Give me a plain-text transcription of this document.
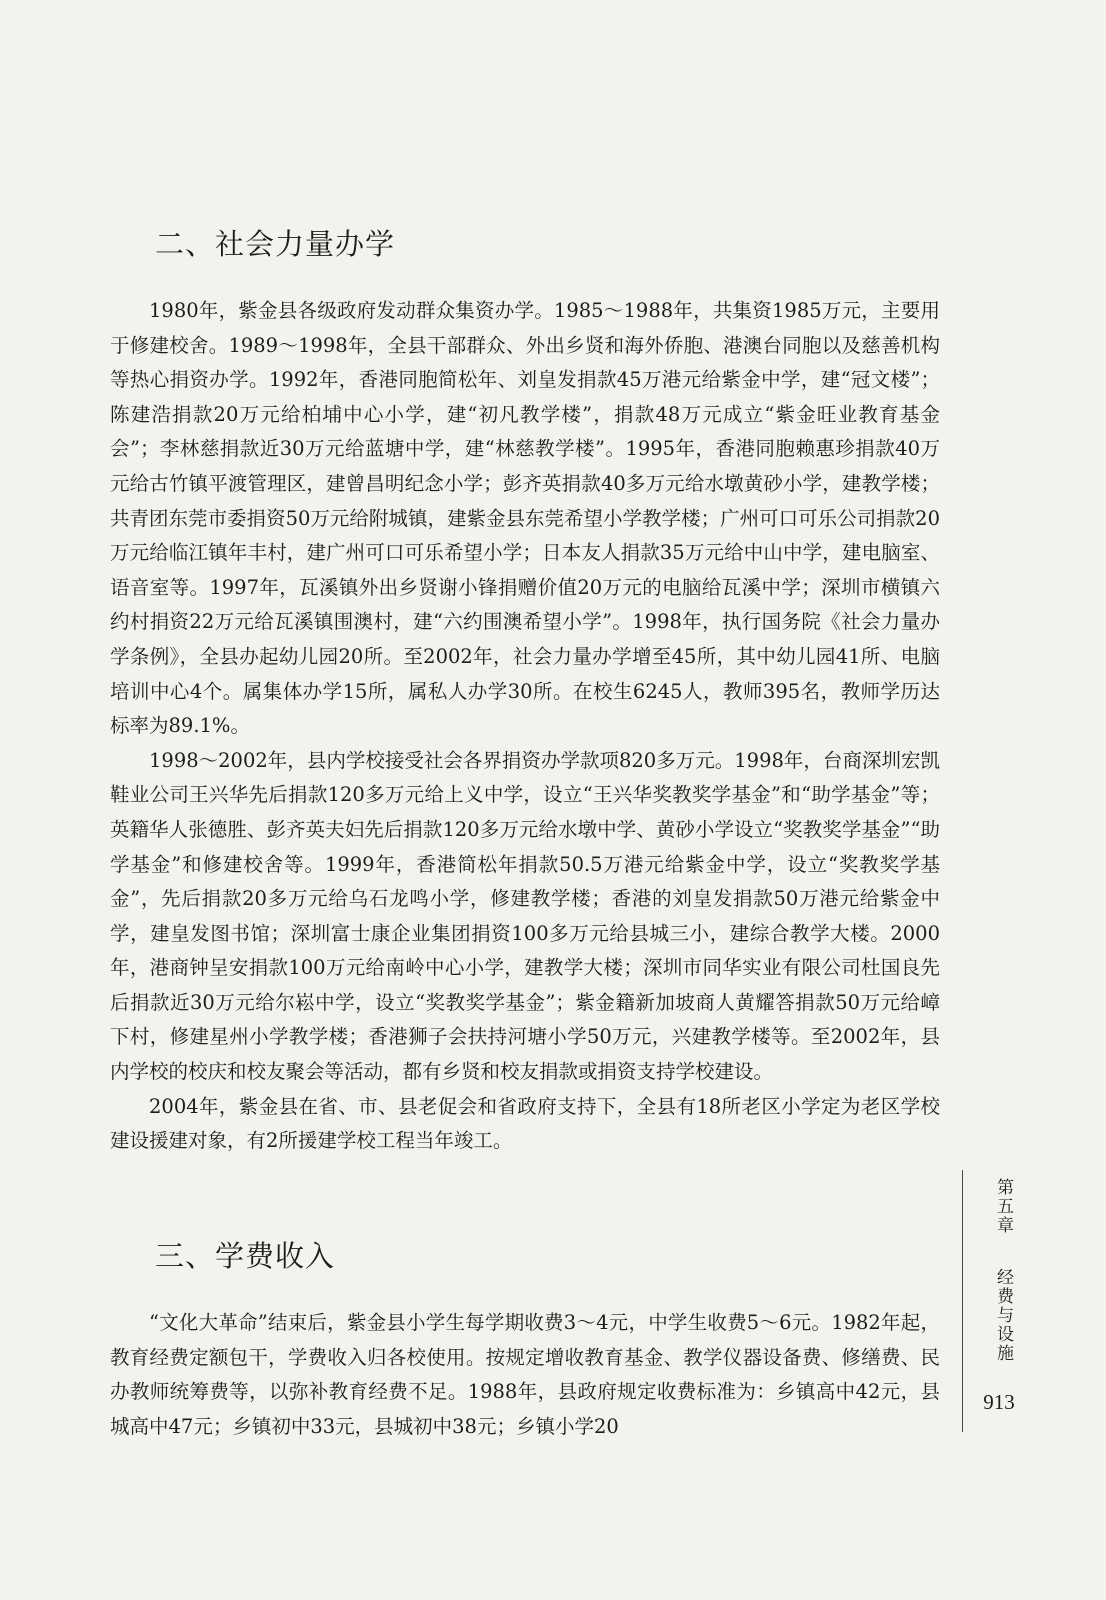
二、社会力量办学

1980年，紫金县各级政府发动群众集资办学。1985～1988年，共集资1985万元，主要用于修建校舍。1989～1998年，全县干部群众、外出乡贤和海外侨胞、港澳台同胞以及慈善机构等热心捐资办学。1992年，香港同胞简松年、刘皇发捐款45万港元给紫金中学，建“冠文楼”；陈建浩捐款20万元给柏埔中心小学，建“初凡教学楼”，捐款48万元成立“紫金旺业教育基金会”；李林慈捐款近30万元给蓝塘中学，建“林慈教学楼”。1995年，香港同胞赖惠珍捐款40万元给古竹镇平渡管理区，建曾昌明纪念小学；彭齐英捐款40多万元给水墩黄砂小学，建教学楼；共青团东莞市委捐资50万元给附城镇，建紫金县东莞希望小学教学楼；广州可口可乐公司捐款20万元给临江镇年丰村，建广州可口可乐希望小学；日本友人捐款35万元给中山中学，建电脑室、语音室等。1997年，瓦溪镇外出乡贤谢小锋捐赠价值20万元的电脑给瓦溪中学；深圳市横镇六约村捐资22万元给瓦溪镇围澳村，建“六约围澳希望小学”。1998年，执行国务院《社会力量办学条例》，全县办起幼儿园20所。至2002年，社会力量办学增至45所，其中幼儿园41所、电脑培训中心4个。属集体办学15所，属私人办学30所。在校生6245人，教师395名，教师学历达标率为89.1%。

1998～2002年，县内学校接受社会各界捐资办学款项820多万元。1998年，台商深圳宏凯鞋业公司王兴华先后捐款120多万元给上义中学，设立“王兴华奖教奖学基金”和“助学基金”等；英籍华人张德胜、彭齐英夫妇先后捐款120多万元给水墩中学、黄砂小学设立“奖教奖学基金”“助学基金”和修建校舍等。1999年，香港简松年捐款50.5万港元给紫金中学，设立“奖教奖学基金”，先后捐款20多万元给乌石龙鸣小学，修建教学楼；香港的刘皇发捐款50万港元给紫金中学，建皇发图书馆；深圳富士康企业集团捐资100多万元给县城三小，建综合教学大楼。2000年，港商钟呈安捐款100万元给南岭中心小学，建教学大楼；深圳市同华实业有限公司杜国良先后捐款近30万元给尔崧中学，设立“奖教奖学基金”；紫金籍新加坡商人黄耀答捐款50万元给嶂下村，修建星州小学教学楼；香港狮子会扶持河塘小学50万元，兴建教学楼等。至2002年，县内学校的校庆和校友聚会等活动，都有乡贤和校友捐款或捐资支持学校建设。

2004年，紫金县在省、市、县老促会和省政府支持下，全县有18所老区小学定为老区学校建设援建对象，有2所援建学校工程当年竣工。

三、学费收入

“文化大革命”结束后，紫金县小学生每学期收费3～4元，中学生收费5～6元。1982年起，教育经费定额包干，学费收入归各校使用。按规定增收教育基金、教学仪器设备费、修缮费、民办教师统筹费等，以弥补教育经费不足。1988年，县政府规定收费标准为：乡镇高中42元，县城高中47元；乡镇初中33元，县城初中38元；乡镇小学20

第五章
经费与设施
913
